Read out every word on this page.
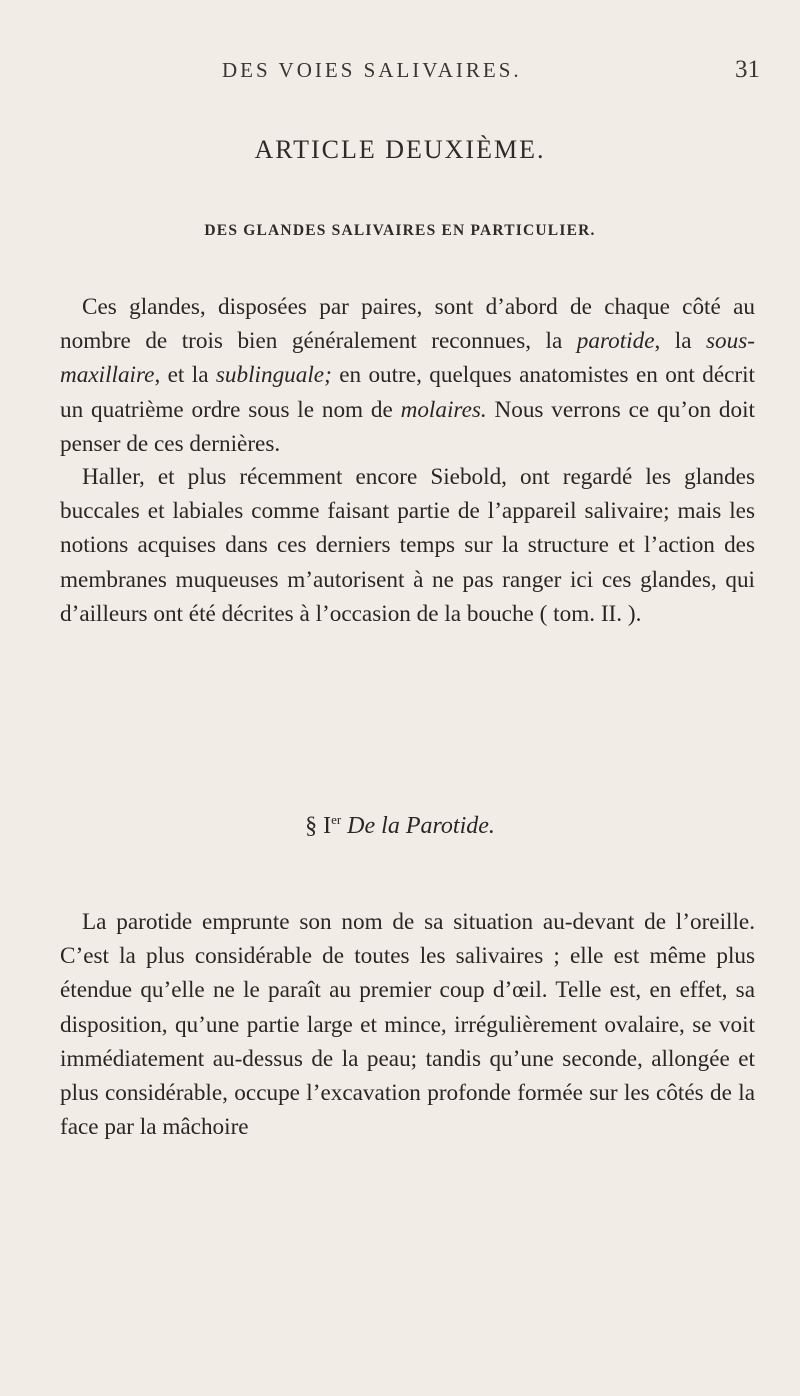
DES VOIES SALIVAIRES.	31
ARTICLE DEUXIÈME.
DES GLANDES SALIVAIRES EN PARTICULIER.

Ces glandes, disposées par paires, sont d’abord de chaque côté au nombre de trois bien généralement reconnues, la parotide, la sous-maxillaire, et la sublinguale; en outre, quelques anatomistes en ont décrit un quatrième ordre sous le nom de molaires. Nous verrons ce qu’on doit penser de ces dernières.

Haller, et plus récemment encore Siebold, ont regardé les glandes buccales et labiales comme faisant partie de l’appareil salivaire; mais les notions acquises dans ces derniers temps sur la structure et l’action des membranes muqueuses m’autorisent à ne pas ranger ici ces glandes, qui d’ailleurs ont été décrites à l’occasion de la bouche ( tom. II. ).

§ Ier De la Parotide.

La parotide emprunte son nom de sa situation au-devant de l’oreille. C’est la plus considérable de toutes les salivaires ; elle est même plus étendue qu’elle ne le paraît au premier coup d’œil. Telle est, en effet, sa disposition, qu’une partie large et mince, irrégulièrement ovalaire, se voit immédiatement au-dessus de la peau; tandis qu’une seconde, allongée et plus considérable, occupe l’excavation profonde formée sur les côtés de la face par la mâchoire
